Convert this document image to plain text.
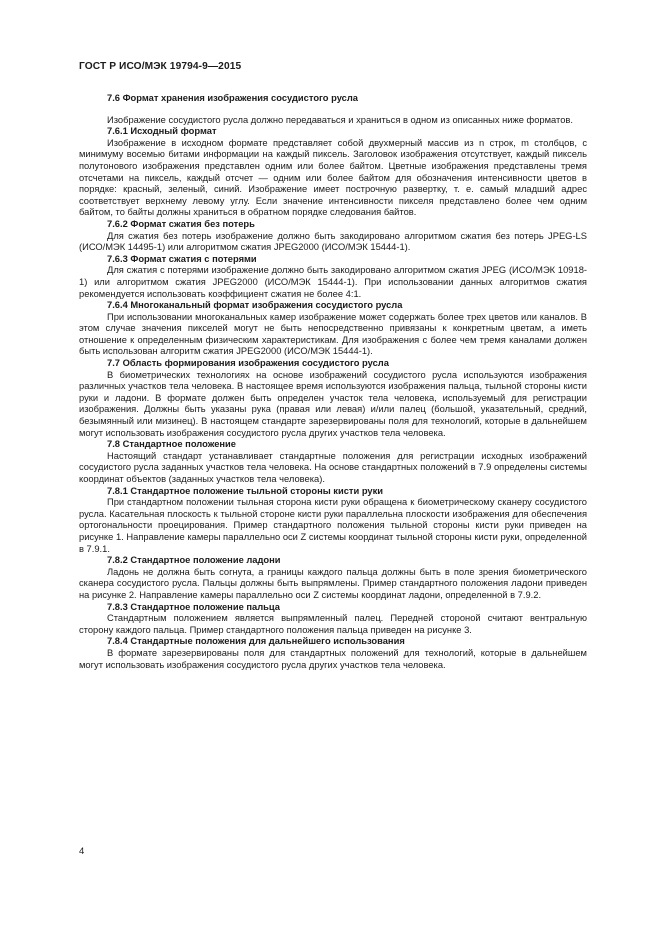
ГОСТ Р ИСО/МЭК 19794-9—2015
7.6 Формат хранения изображения сосудистого русла

Изображение сосудистого русла должно передаваться и храниться в одном из описанных ниже форматов.

7.6.1 Исходный формат

Изображение в исходном формате представляет собой двухмерный массив из n строк, m столбцов, с минимуму восемью битами информации на каждый пиксель. Заголовок изображения отсутствует, каждый пиксель полутонового изображения представлен одним или более байтом. Цветные изображения представлены тремя отсчетами на пиксель, каждый отсчет — одним или более байтом для обозначения интенсивности цветов в порядке: красный, зеленый, синий. Изображение имеет построчную развертку, т. е. самый младший адрес соответствует верхнему левому углу. Если значение интенсивности пикселя представлено более чем одним байтом, то байты должны храниться в обратном порядке следования байтов.

7.6.2 Формат сжатия без потерь

Для сжатия без потерь изображение должно быть закодировано алгоритмом сжатия без потерь JPEG-LS (ИСО/МЭК 14495-1) или алгоритмом сжатия JPEG2000 (ИСО/МЭК 15444-1).

7.6.3 Формат сжатия с потерями

Для сжатия с потерями изображение должно быть закодировано алгоритмом сжатия JPEG (ИСО/МЭК 10918-1) или алгоритмом сжатия JPEG2000 (ИСО/МЭК 15444-1). При использовании данных алгоритмов сжатия рекомендуется использовать коэффициент сжатия не более 4:1.

7.6.4 Многоканальный формат изображения сосудистого русла

При использовании многоканальных камер изображение может содержать более трех цветов или каналов. В этом случае значения пикселей могут не быть непосредственно привязаны к конкретным цветам, а иметь отношение к определенным физическим характеристикам. Для изображения с более чем тремя каналами должен быть использован алгоритм сжатия JPEG2000 (ИСО/МЭК 15444-1).

7.7 Область формирования изображения сосудистого русла

В биометрических технологиях на основе изображений сосудистого русла используются изображения различных участков тела человека. В настоящее время используются изображения пальца, тыльной стороны кисти руки и ладони. В формате должен быть определен участок тела человека, используемый для регистрации изображения. Должны быть указаны рука (правая или левая) и/или палец (большой, указательный, средний, безымянный или мизинец). В настоящем стандарте зарезервированы поля для технологий, которые в дальнейшем могут использовать изображения сосудистого русла других участков тела человека.

7.8 Стандартное положение

Настоящий стандарт устанавливает стандартные положения для регистрации исходных изображений сосудистого русла заданных участков тела человека. На основе стандартных положений в 7.9 определены системы координат объектов (заданных участков тела человека).

7.8.1 Стандартное положение тыльной стороны кисти руки

При стандартном положении тыльная сторона кисти руки обращена к биометрическому сканеру сосудистого русла. Касательная плоскость к тыльной стороне кисти руки параллельна плоскости изображения для обеспечения ортогональности проецирования. Пример стандартного положения тыльной стороны кисти руки приведен на рисунке 1. Направление камеры параллельно оси Z системы координат тыльной стороны кисти руки, определенной в 7.9.1.

7.8.2 Стандартное положение ладони

Ладонь не должна быть согнута, а границы каждого пальца должны быть в поле зрения биометрического сканера сосудистого русла. Пальцы должны быть выпрямлены. Пример стандартного положения ладони приведен на рисунке 2. Направление камеры параллельно оси Z системы координат ладони, определенной в 7.9.2.

7.8.3 Стандартное положение пальца

Стандартным положением является выпрямленный палец. Передней стороной считают вентральную сторону каждого пальца. Пример стандартного положения пальца приведен на рисунке 3.

7.8.4 Стандартные положения для дальнейшего использования

В формате зарезервированы поля для стандартных положений для технологий, которые в дальнейшем могут использовать изображения сосудистого русла других участков тела человека.

4
